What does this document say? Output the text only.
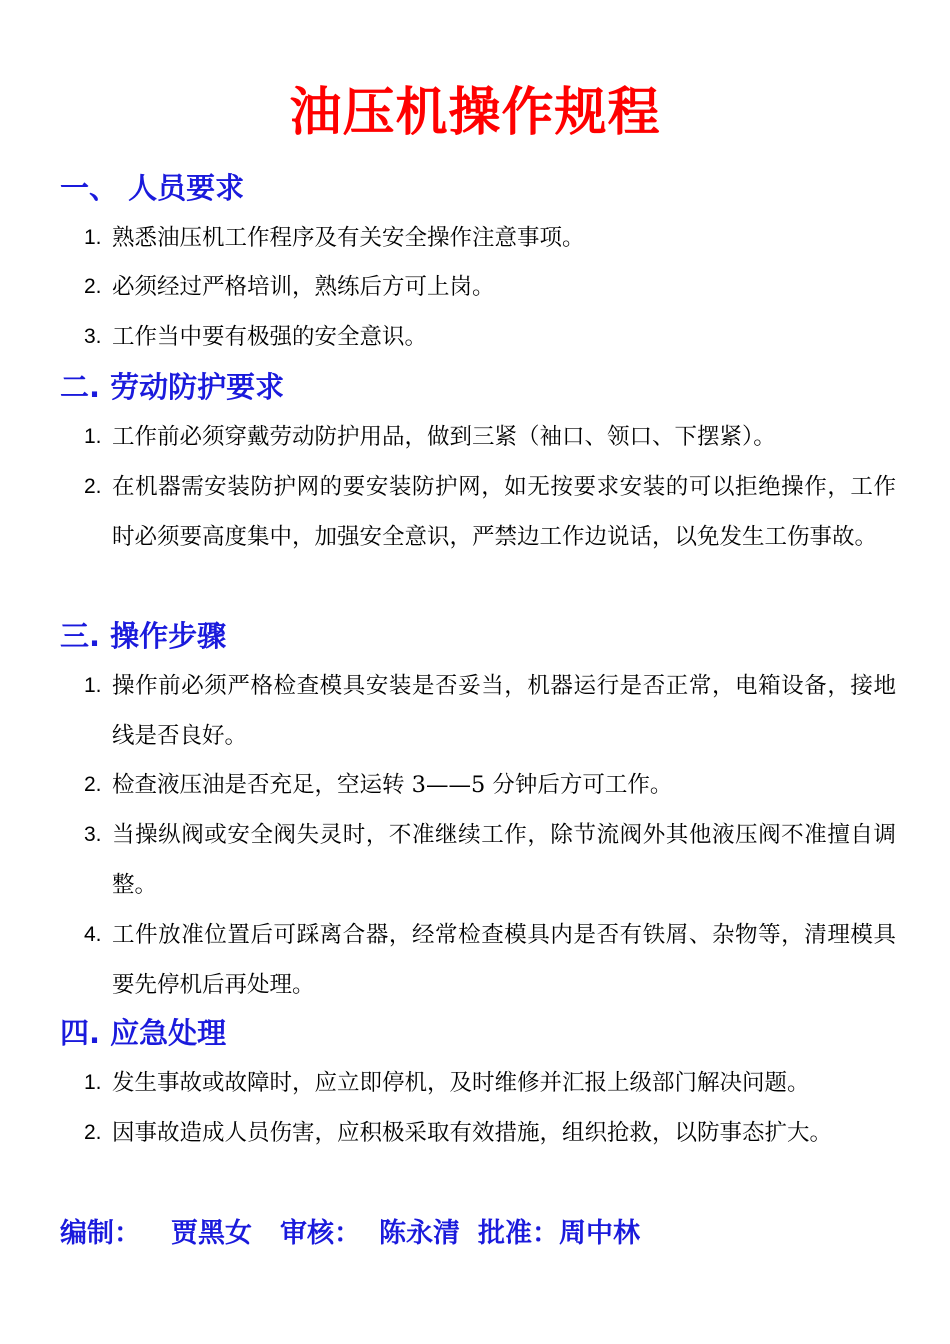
油压机操作规程
一、 人员要求
1. 熟悉油压机工作程序及有关安全操作注意事项。
2. 必须经过严格培训，熟练后方可上岗。
3. 工作当中要有极强的安全意识。
二. 劳动防护要求
1. 工作前必须穿戴劳动防护用品，做到三紧（袖口、领口、下摆紧）。
2. 在机器需安装防护网的要安装防护网，如无按要求安装的可以拒绝操作，工作时必须要高度集中，加强安全意识，严禁边工作边说话，以免发生工伤事故。
三. 操作步骤
1. 操作前必须严格检查模具安装是否妥当，机器运行是否正常，电箱设备，接地线是否良好。
2. 检查液压油是否充足，空运转 3——5 分钟后方可工作。
3. 当操纵阀或安全阀失灵时，不准继续工作，除节流阀外其他液压阀不准擅自调整。
4. 工件放准位置后可踩离合器，经常检查模具内是否有铁屑、杂物等，清理模具要先停机后再处理。
四. 应急处理
1. 发生事故或故障时，应立即停机，及时维修并汇报上级部门解决问题。
2. 因事故造成人员伤害，应积极采取有效措施，组织抢救，以防事态扩大。
编制： 贾黑女 审核： 陈永清 批准：周中林
